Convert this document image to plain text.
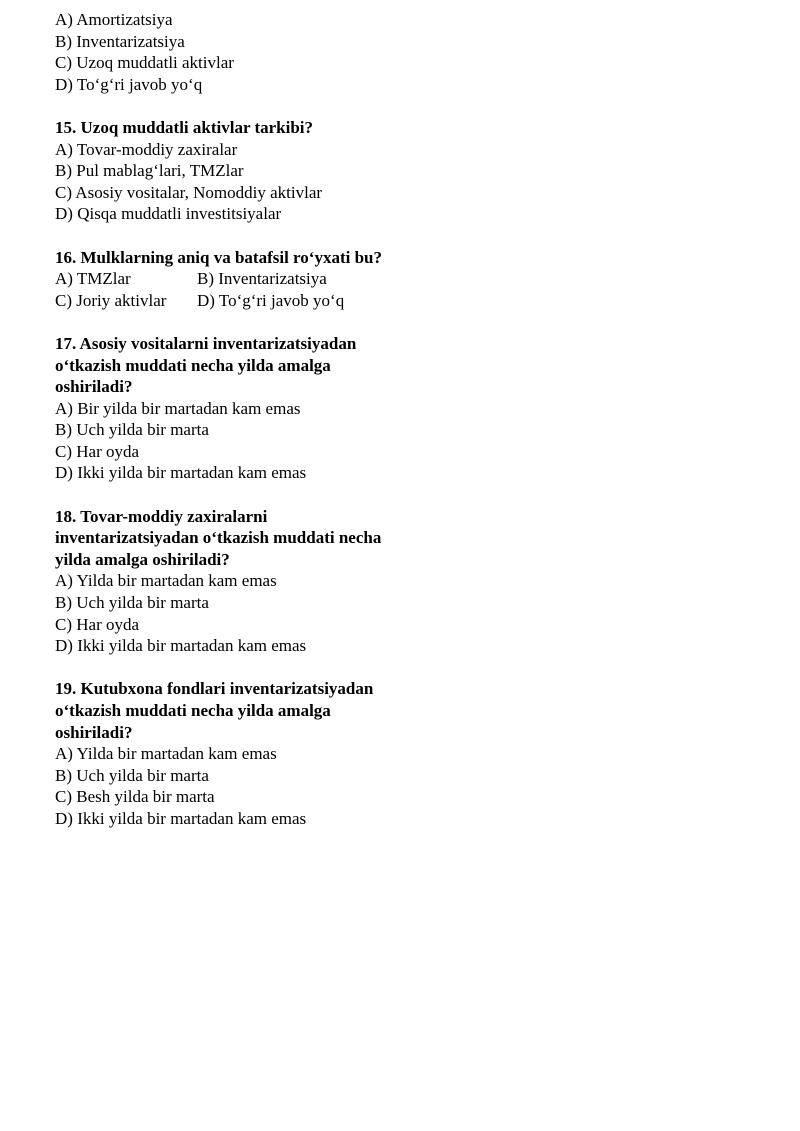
A) Amortizatsiya
B) Inventarizatsiya
C) Uzoq muddatli aktivlar
D) To‘g‘ri javob yo‘q
15. Uzoq muddatli aktivlar tarkibi?
A) Tovar-moddiy zaxiralar
B) Pul mablag‘lari, TMZlar
C) Asosiy vositalar, Nomoddiy aktivlar
D) Qisqa muddatli investitsiyalar
16. Mulklarning aniq va batafsil ro‘yxati bu?
A) TMZlar	B) Inventarizatsiya
C) Joriy aktivlar	D) To‘g‘ri javob yo‘q
17. Asosiy vositalarni inventarizatsiyadan o‘tkazish muddati necha yilda amalga oshiriladi?
A) Bir yilda bir martadan kam emas
B) Uch yilda bir marta
C) Har oyda
D) Ikki yilda bir martadan kam emas
18. Tovar-moddiy zaxiralarni inventarizatsiyadan o‘tkazish muddati necha yilda amalga oshiriladi?
A) Yilda bir martadan kam emas
B) Uch yilda bir marta
C) Har oyda
D) Ikki yilda bir martadan kam emas
19. Kutubxona fondlari inventarizatsiyadan o‘tkazish muddati necha yilda amalga oshiriladi?
A) Yilda bir martadan kam emas
B) Uch yilda bir marta
C) Besh yilda bir marta
D) Ikki yilda bir martadan kam emas
